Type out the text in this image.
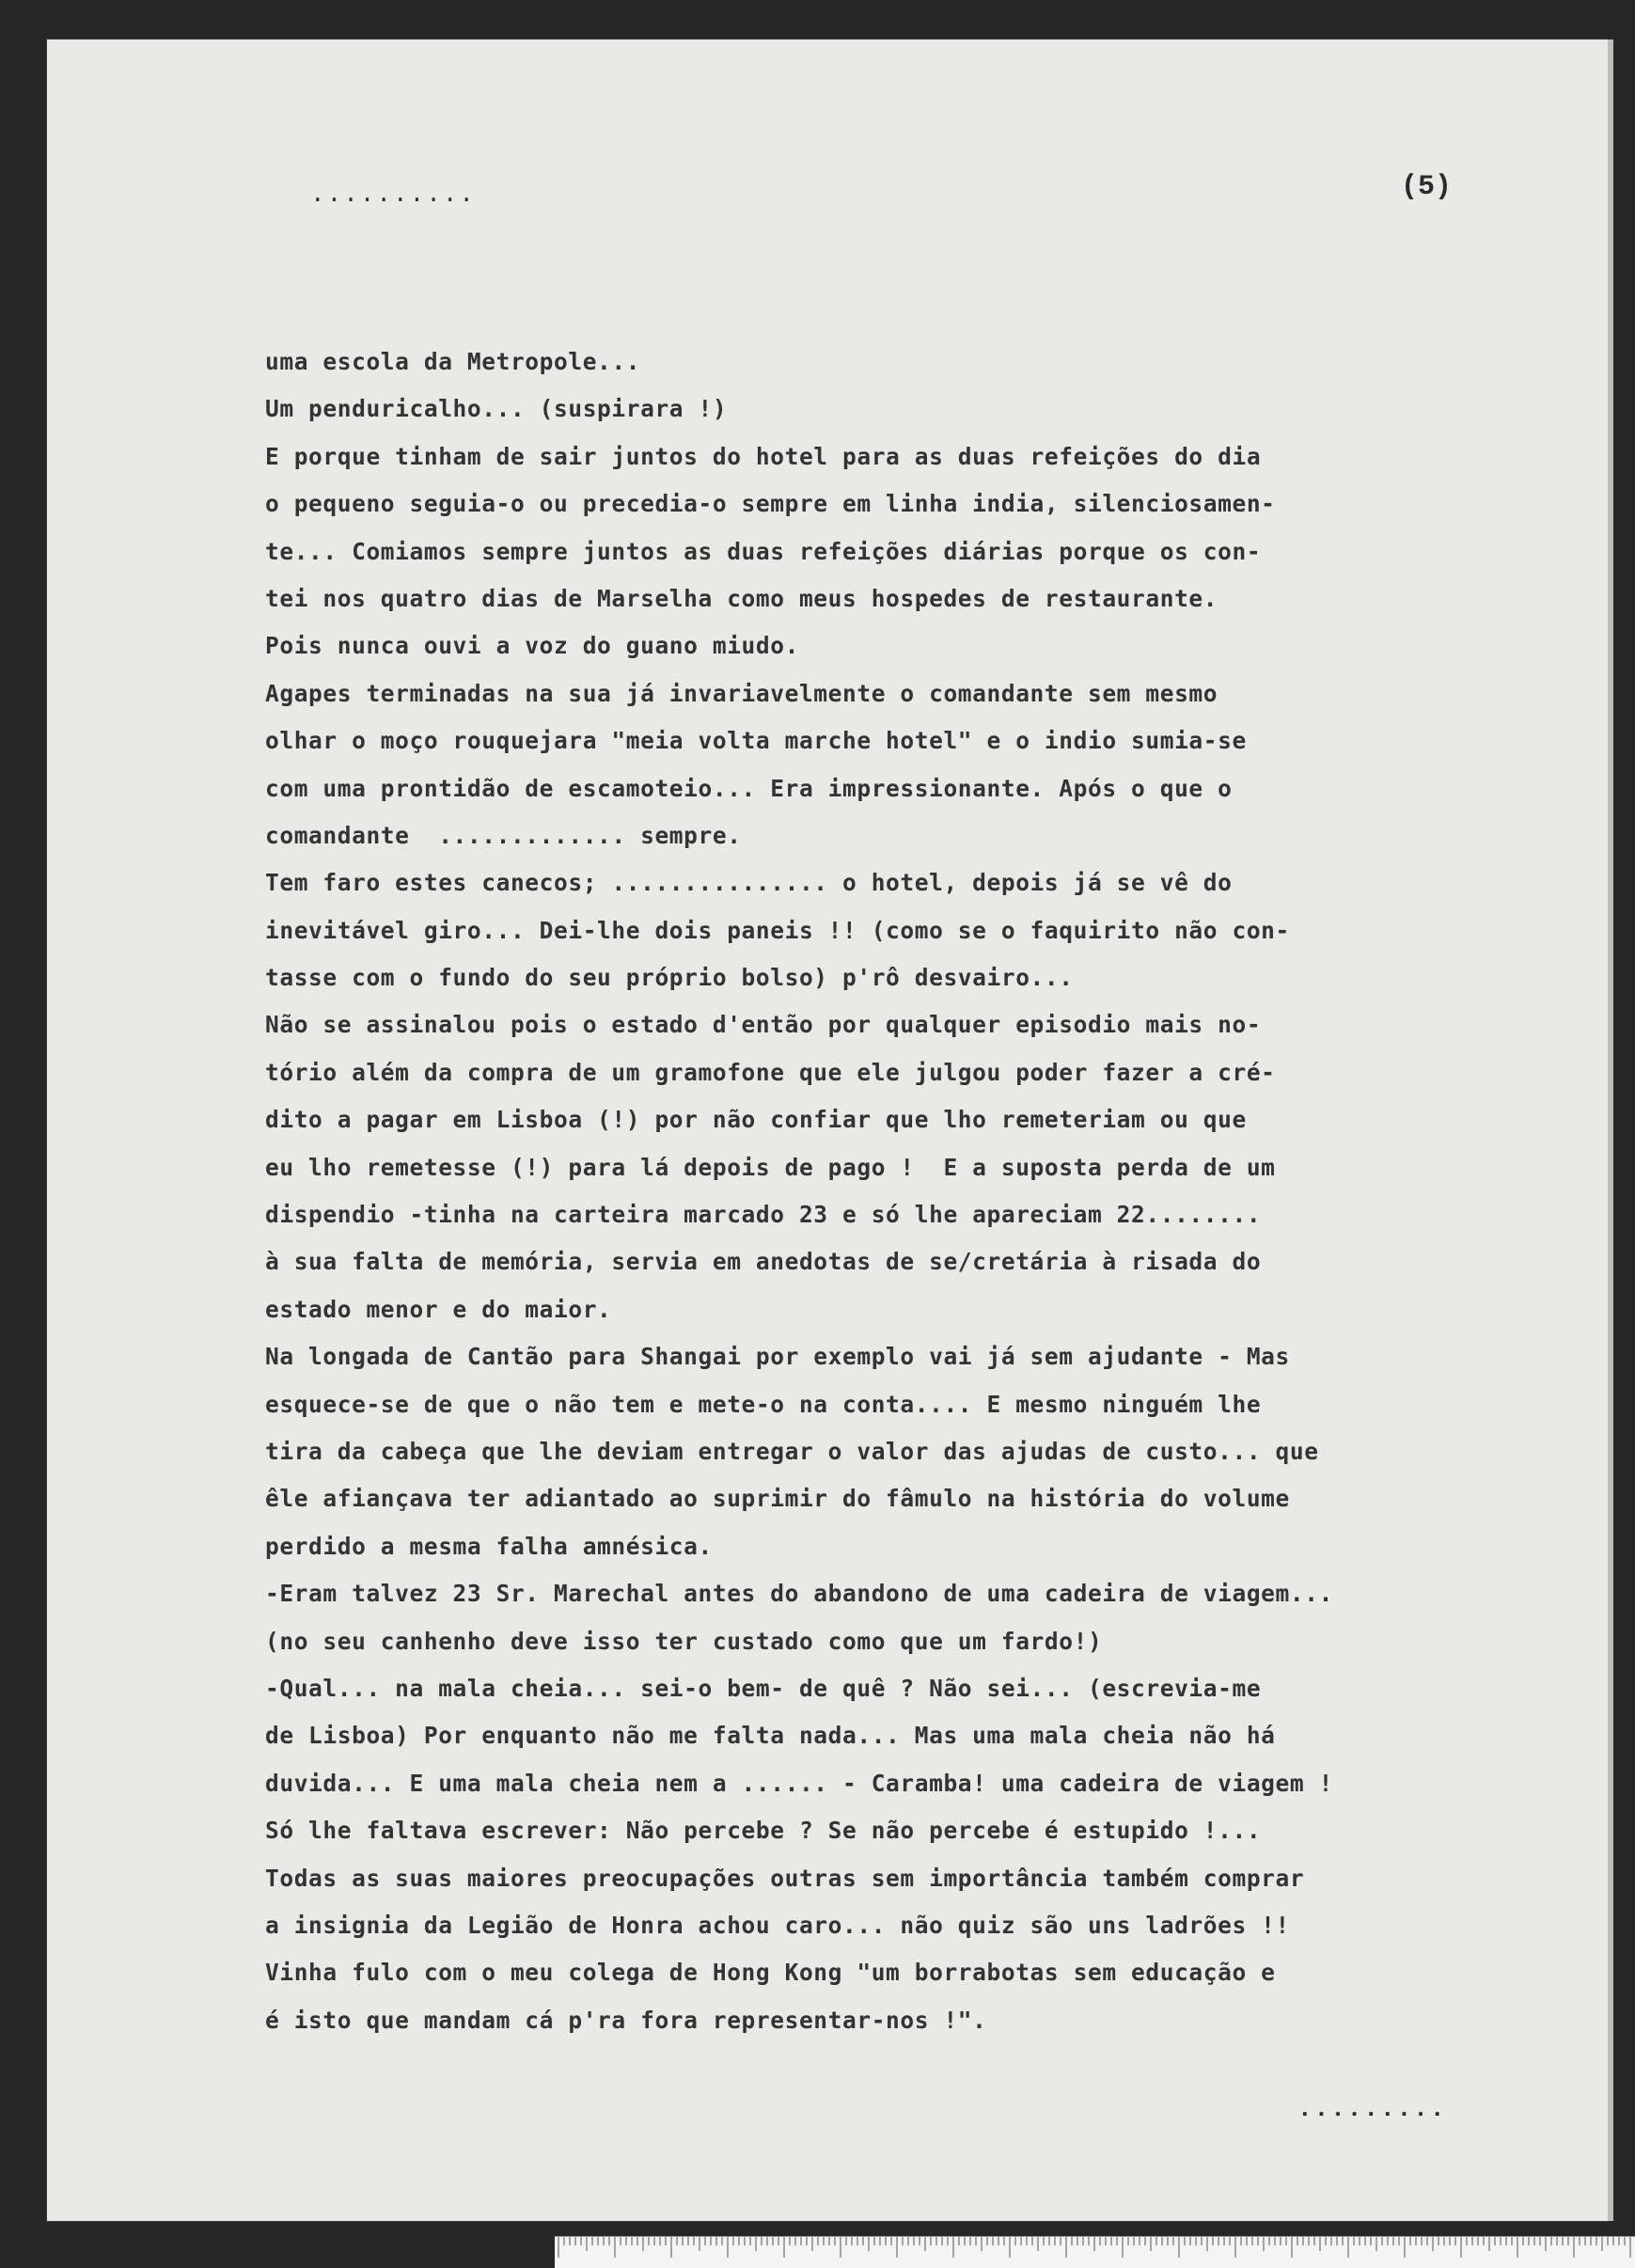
..........	(5)
uma escola da Metropole...
Um penduricalho... (suspirara !)
E porque tinham de sair juntos do hotel para as duas refeições do dia
o pequeno seguia-o ou precedia-o sempre em linha india, silenciosamen-
te... Comiamos sempre juntos as duas refeições diárias porque os con-
tei nos quatro dias de Marselha como meus hospedes de restaurante.
Pois nunca ouvi a voz do guano miudo.
Agapes terminadas na sua já invariavelmente o comandante sem mesmo
olhar o moço rouquejara "meia volta marche hotel" e o indio sumia-se
com uma prontidão de escamoteio... Era impressionante. Após o que o
comandante  ............. sempre.
Tem faro estes canecos; ............... o hotel, depois já se vê do
inevitável giro... Dei-lhe dois paneis !! (como se o faquirito não con-
tasse com o fundo do seu próprio bolso) p'rô desvairo...
Não se assinalou pois o estado d'então por qualquer episodio mais no-
tório além da compra de um gramofone que ele julgou poder fazer a cré-
dito a pagar em Lisboa (!) por não confiar que lho remeteriam ou que
eu lho remetesse (!) para lá depois de pago !  E a suposta perda de um
dispendio -tinha na carteira marcado 23 e só lhe apareciam 22........
à sua falta de memória, servia em anedotas de se/cretária à risada do
estado menor e do maior.
Na longada de Cantão para Shangai por exemplo vai já sem ajudante - Mas
esquece-se de que o não tem e mete-o na conta.... E mesmo ninguém lhe
tira da cabeça que lhe deviam entregar o valor das ajudas de custo... que
êle afiançava ter adiantado ao suprimir do fâmulo na história do volume
perdido a mesma falha amnésica.
-Eram talvez 23 Sr. Marechal antes do abandono de uma cadeira de viagem...
(no seu canhenho deve isso ter custado como que um fardo!)
-Qual... na mala cheia... sei-o bem- de quê ? Não sei... (escrevia-me
de Lisboa) Por enquanto não me falta nada... Mas uma mala cheia não há
duvida... E uma mala cheia nem a ...... - Caramba! uma cadeira de viagem !
Só lhe faltava escrever: Não percebe ? Se não percebe é estupido !...
Todas as suas maiores preocupações outras sem importância também comprar
a insignia da Legião de Honra achou caro... não quiz são uns ladrões !!
Vinha fulo com o meu colega de Hong Kong "um borrabotas sem educação e
é isto que mandam cá p'ra fora representar-nos !".
.........
